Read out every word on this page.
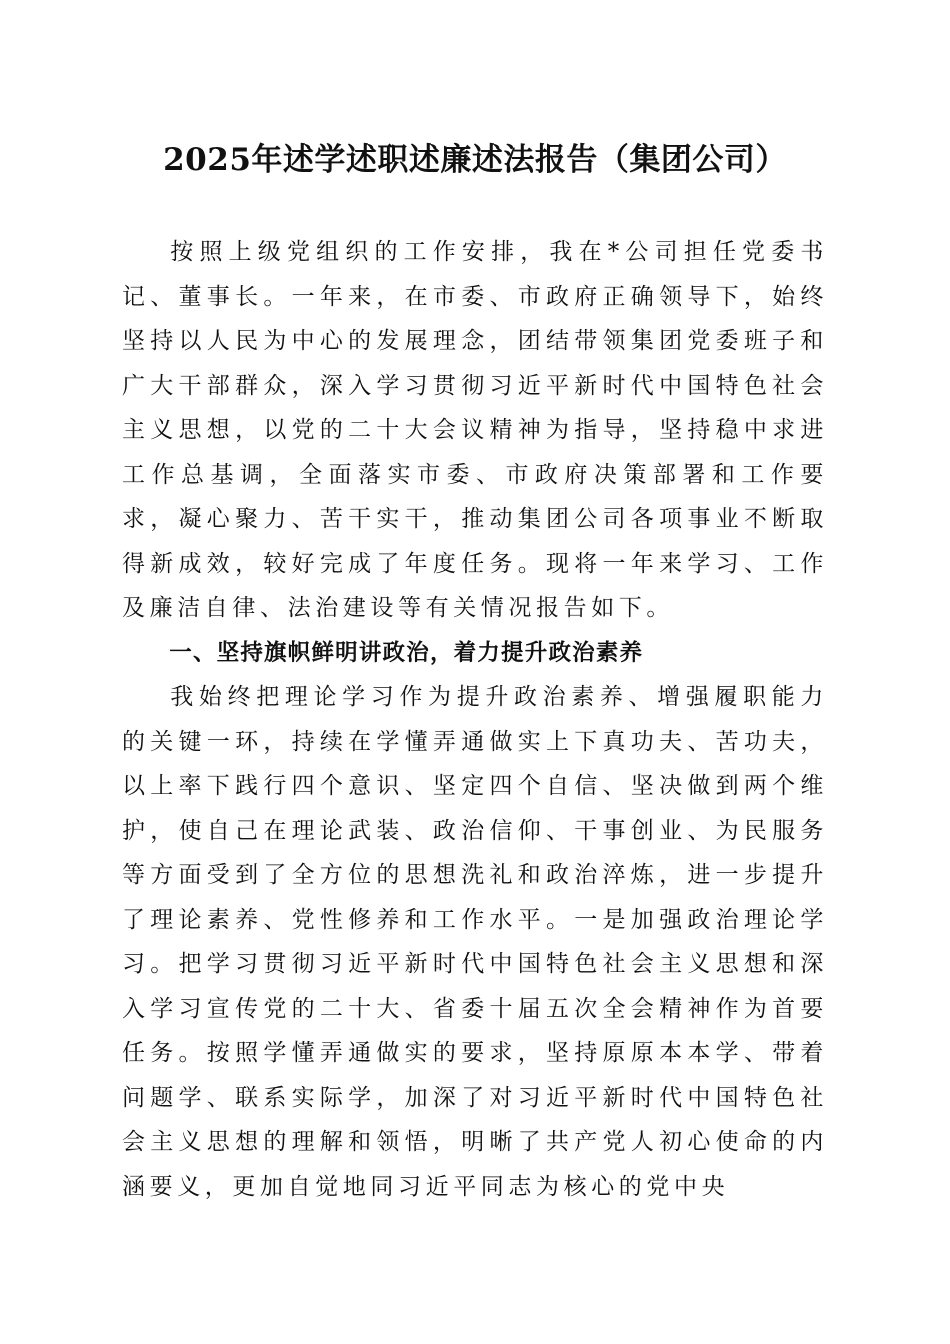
2025年述学述职述廉述法报告（集团公司）

按照上级党组织的工作安排，我在*公司担任党委书记、董事长。一年来，在市委、市政府正确领导下，始终坚持以人民为中心的发展理念，团结带领集团党委班子和广大干部群众，深入学习贯彻习近平新时代中国特色社会主义思想，以党的二十大会议精神为指导，坚持稳中求进工作总基调，全面落实市委、市政府决策部署和工作要求，凝心聚力、苦干实干，推动集团公司各项事业不断取得新成效，较好完成了年度任务。现将一年来学习、工作及廉洁自律、法治建设等有关情况报告如下。

一、坚持旗帜鲜明讲政治，着力提升政治素养

我始终把理论学习作为提升政治素养、增强履职能力的关键一环，持续在学懂弄通做实上下真功夫、苦功夫，以上率下践行四个意识、坚定四个自信、坚决做到两个维护，使自己在理论武装、政治信仰、干事创业、为民服务等方面受到了全方位的思想洗礼和政治淬炼，进一步提升了理论素养、党性修养和工作水平。一是加强政治理论学习。把学习贯彻习近平新时代中国特色社会主义思想和深入学习宣传党的二十大、省委十届五次全会精神作为首要任务。按照学懂弄通做实的要求，坚持原原本本学、带着问题学、联系实际学，加深了对习近平新时代中国特色社会主义思想的理解和领悟，明晰了共产党人初心使命的内涵要义，更加自觉地同习近平同志为核心的党中央
